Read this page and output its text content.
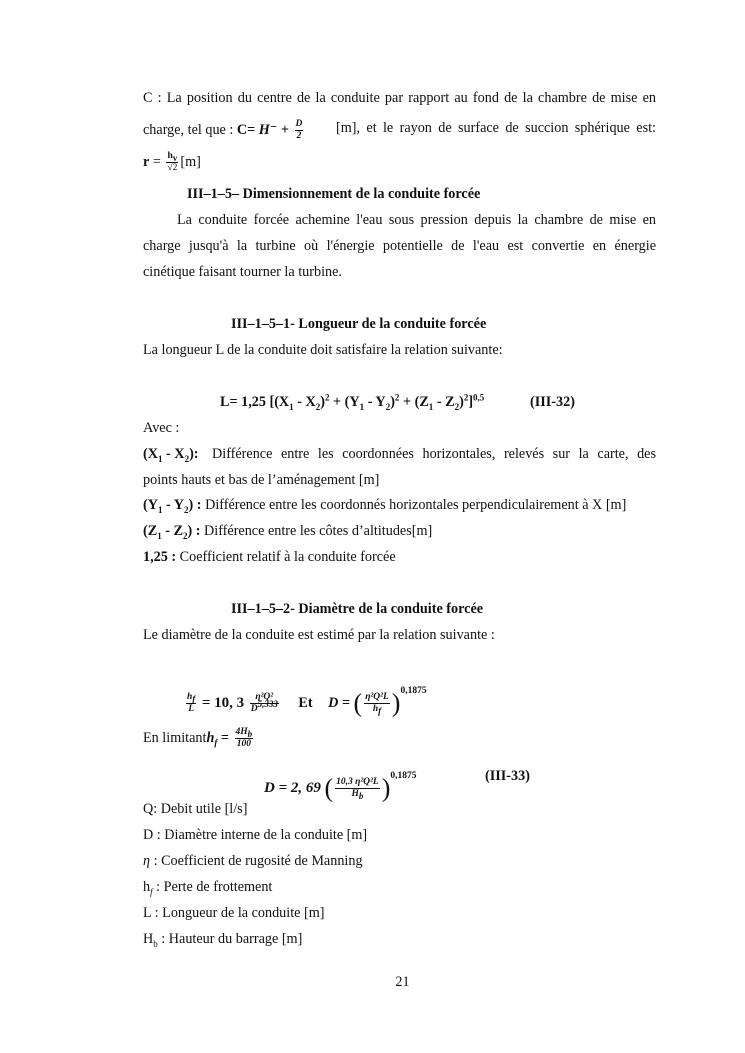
C : La position du centre de la conduite par rapport au fond de la chambre de mise en
charge, tel que : $C= H^- + \frac{D}{2} [m]$, et le rayon de surface de succion sphérique est:
$r = \frac{h_v}{√2} [m]$
III–1–5– Dimensionnement de la conduite forcée
La conduite forcée achemine l'eau sous pression depuis la chambre de mise en
charge jusqu'à la turbine où l'énergie potentielle de l'eau est convertie en énergie
cinétique faisant tourner la turbine.
III–1–5–1- Longueur de la conduite forcée
La longueur L de la conduite doit satisfaire la relation suivante:
L= 1,25 $[(X_1 - X_2)^2 + (Y_1 - Y_2)^2 + (Z_1 - Z_2)^2]^{0,5}$	(III-32)
Avec :
$(X_1 - X_2)$: Différence entre les coordonnées horizontales, relevés sur la carte, des
points hauts et bas de l’aménagement [m]
$(Y_1 - Y_2)$ : Différence entre les coordonnés horizontales perpendiculairement à X [m]
$(Z_1 - Z_2)$ : Différence entre les côtes d’altitudes[m]
1,25 : Coefficient relatif à la conduite forcée
III–1–5–2- Diamètre de la conduite forcée
Le diamètre de la conduite est estimé par la relation suivante :
$\frac{h_f}{L} = 10$, $3 \frac{\text{η²Q²}}{D^{5,333}}$ Et D = ( $\frac{\text{η²Q²L}}{h_f} )^{0,1875}$
En limitanth$_f$ = $\frac{4H_b}{100}$
D = 2, 69 ( $\frac{\text{10,3 η²Q²L}}{H_b} )^{0,1875}$	(III-33)
Q: Debit utile [l/s]
D : Diamètre interne de la conduite [m]
η : Coefficient de rugosité de Manning
$h_f$ : Perte de frottement
L : Longueur de la conduite [m]
$H_b$ : Hauteur du barrage [m]
21
